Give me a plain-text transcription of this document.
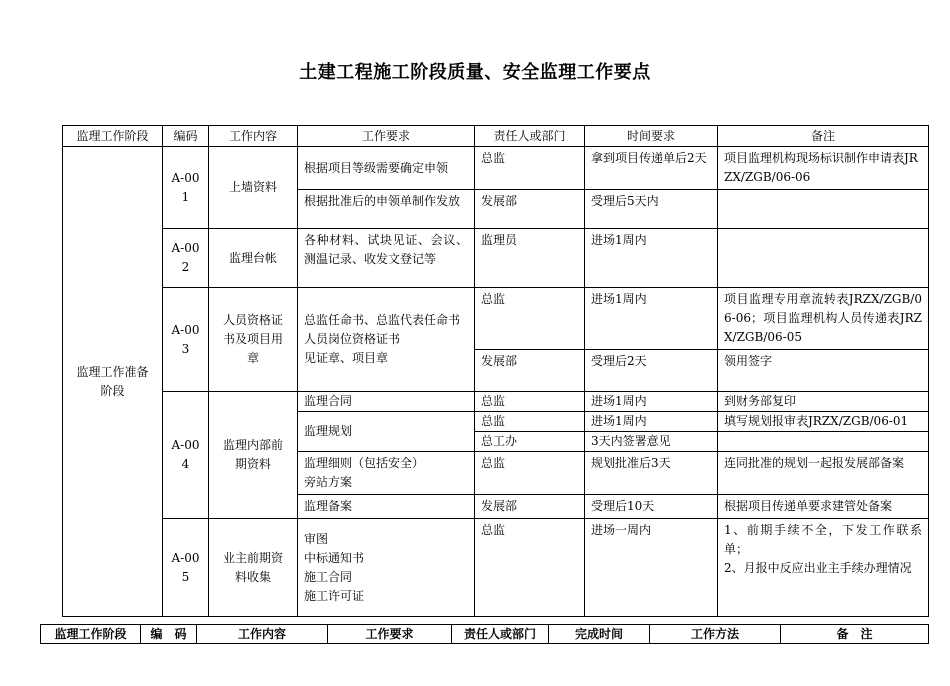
土建工程施工阶段质量、安全监理工作要点
监理工作阶段	编码	工作内容	工作要求	责任人或部门	时间要求	备注
监理工作准备阶段	A-001	上墙资料	根据项目等级需要确定申领	总监	拿到项目传递单后2天	项目监理机构现场标识制作申请表JRZX/ZGB/06-06
			根据批准后的申领单制作发放	发展部	受理后5天内	
	A-002	监理台帐	各种材料、试块见证、会议、测温记录、收发文登记等	监理员	进场1周内	
	A-003	人员资格证书及项目用章	总监任命书、总监代表任命书
人员岗位资格证书
见证章、项目章	总监	进场1周内	项目监理专用章流转表JRZX/ZGB/06-06；项目监理机构人员传递表JRZX/ZGB/06-05
				发展部	受理后2天	领用签字
	A-004	监理内部前期资料	监理合同	总监	进场1周内	到财务部复印
			监理规划	总监	进场1周内	填写规划报审表JRZX/ZGB/06-01
				总工办	3天内签署意见	
			监理细则（包括安全）
旁站方案	总监	规划批准后3天	连同批准的规划一起报发展部备案
			监理备案	发展部	受理后10天	根据项目传递单要求建管处备案

	A-005	业主前期资料收集	审图
中标通知书
施工合同
施工许可证	总监	进场一周内	1、前期手续不全，下发工作联系单；
2、月报中反应出业主手续办理情况
监理工作阶段	编　码	工作内容	工作要求	责任人或部门	完成时间	工作方法	备　注
